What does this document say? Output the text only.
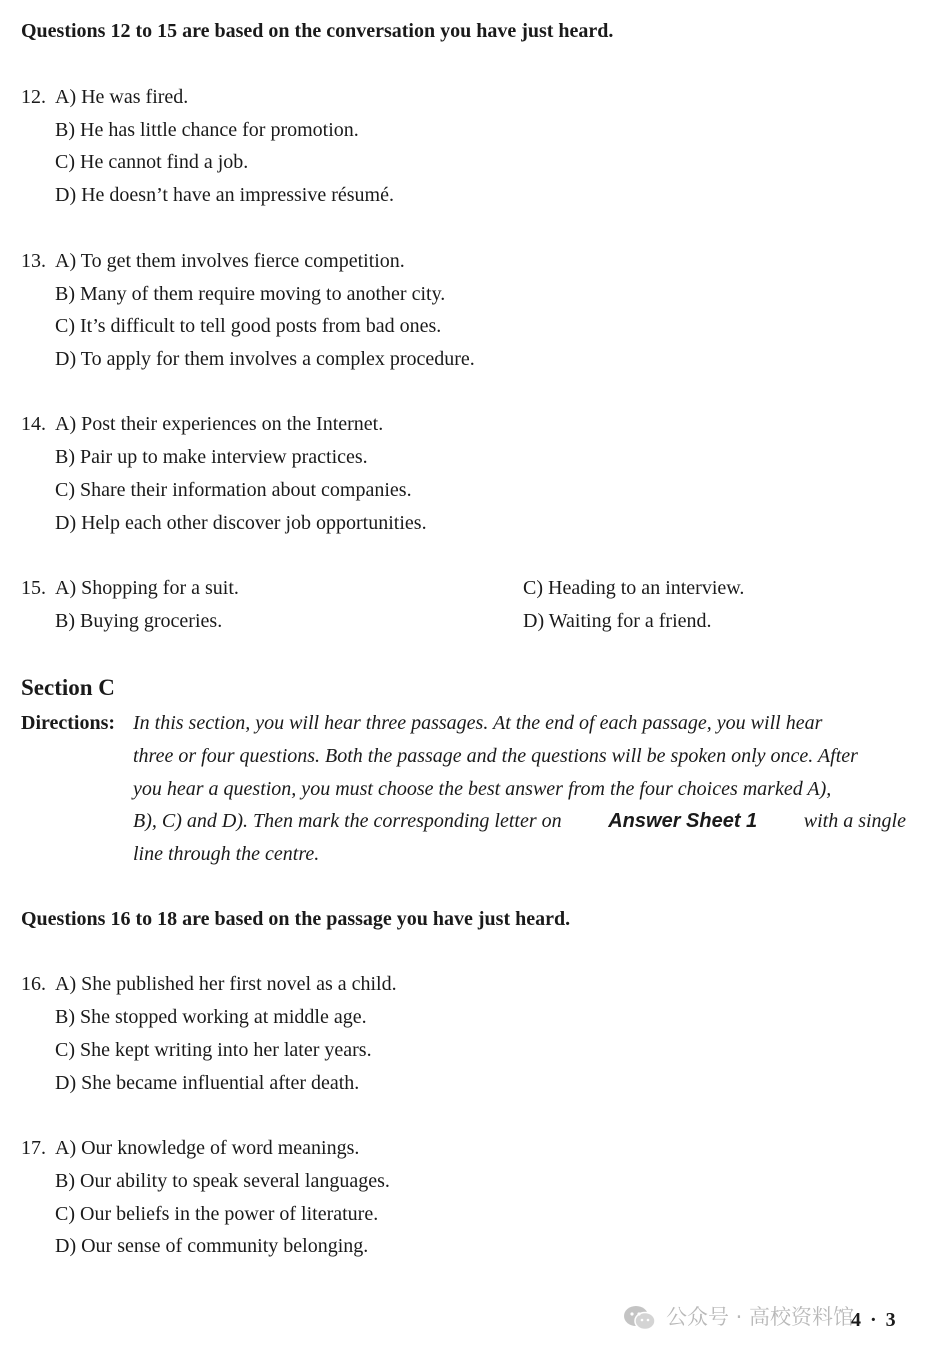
Questions 12 to 15 are based on the conversation you have just heard.
12. A) He was fired.
B) He has little chance for promotion.
C) He cannot find a job.
D) He doesn’t have an impressive résumé.
13. A) To get them involves fierce competition.
B) Many of them require moving to another city.
C) It’s difficult to tell good posts from bad ones.
D) To apply for them involves a complex procedure.
14. A) Post their experiences on the Internet.
B) Pair up to make interview practices.
C) Share their information about companies.
D) Help each other discover job opportunities.
15. A) Shopping for a suit.
B) Buying groceries.
C) Heading to an interview.
D) Waiting for a friend.
Section C
Directions: In this section, you will hear three passages. At the end of each passage, you will hear
three or four questions. Both the passage and the questions will be spoken only once. After
you hear a question, you must choose the best answer from the four choices marked A),
B), C) and D). Then mark the corresponding letter on Answer Sheet 1 with a single
line through the centre.
Questions 16 to 18 are based on the passage you have just heard.
16. A) She published her first novel as a child.
B) She stopped working at middle age.
C) She kept writing into her later years.
D) She became influential after death.
17. A) Our knowledge of word meanings.
B) Our ability to speak several languages.
C) Our beliefs in the power of literature.
D) Our sense of community belonging.
公众号 · 高校资料馆
4 · 3
